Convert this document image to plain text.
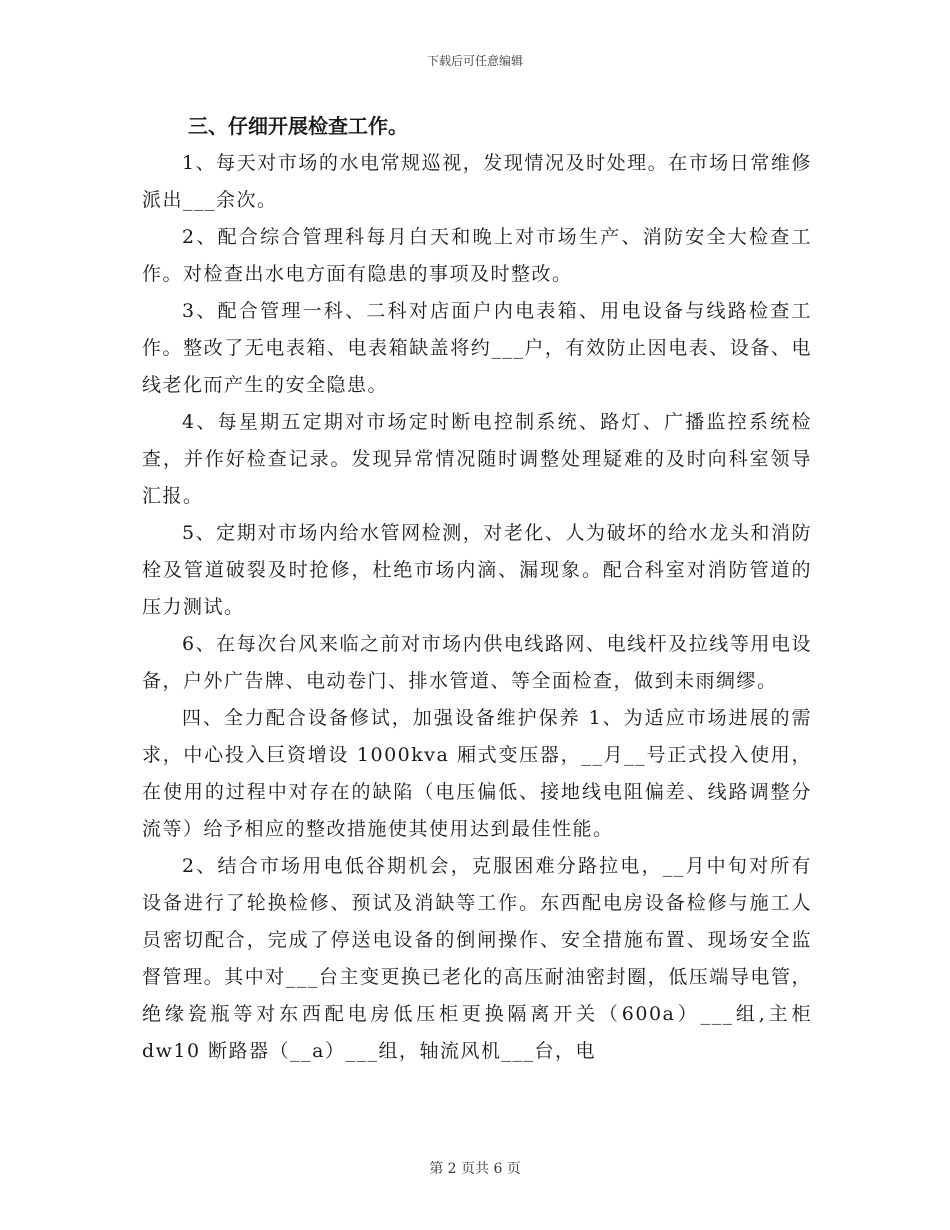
下载后可任意编辑

三、仔细开展检查工作。

1、每天对市场的水电常规巡视，发现情况及时处理。在市场日常维修派出___余次。

2、配合综合管理科每月白天和晚上对市场生产、消防安全大检查工作。对检查出水电方面有隐患的事项及时整改。

3、配合管理一科、二科对店面户内电表箱、用电设备与线路检查工作。整改了无电表箱、电表箱缺盖将约___户，有效防止因电表、设备、电线老化而产生的安全隐患。

4、每星期五定期对市场定时断电控制系统、路灯、广播监控系统检查，并作好检查记录。发现异常情况随时调整处理疑难的及时向科室领导汇报。

5、定期对市场内给水管网检测，对老化、人为破坏的给水龙头和消防栓及管道破裂及时抢修，杜绝市场内滴、漏现象。配合科室对消防管道的压力测试。

6、在每次台风来临之前对市场内供电线路网、电线杆及拉线等用电设备，户外广告牌、电动卷门、排水管道、等全面检查，做到未雨绸缪。

四、全力配合设备修试，加强设备维护保养 1、为适应市场进展的需求，中心投入巨资增设 1000kva 厢式变压器，__月__号正式投入使用，在使用的过程中对存在的缺陷（电压偏低、接地线电阻偏差、线路调整分流等）给予相应的整改措施使其使用达到最佳性能。

2、结合市场用电低谷期机会，克服困难分路拉电，__月中旬对所有设备进行了轮换检修、预试及消缺等工作。东西配电房设备检修与施工人员密切配合，完成了停送电设备的倒闸操作、安全措施布置、现场安全监督管理。其中对___台主变更换已老化的高压耐油密封圈，低压端导电管，绝缘瓷瓶等对东西配电房低压柜更换隔离开关（600a）___组,主柜 dw10 断路器（__a）___组，轴流风机___台，电

第 2 页共 6 页
